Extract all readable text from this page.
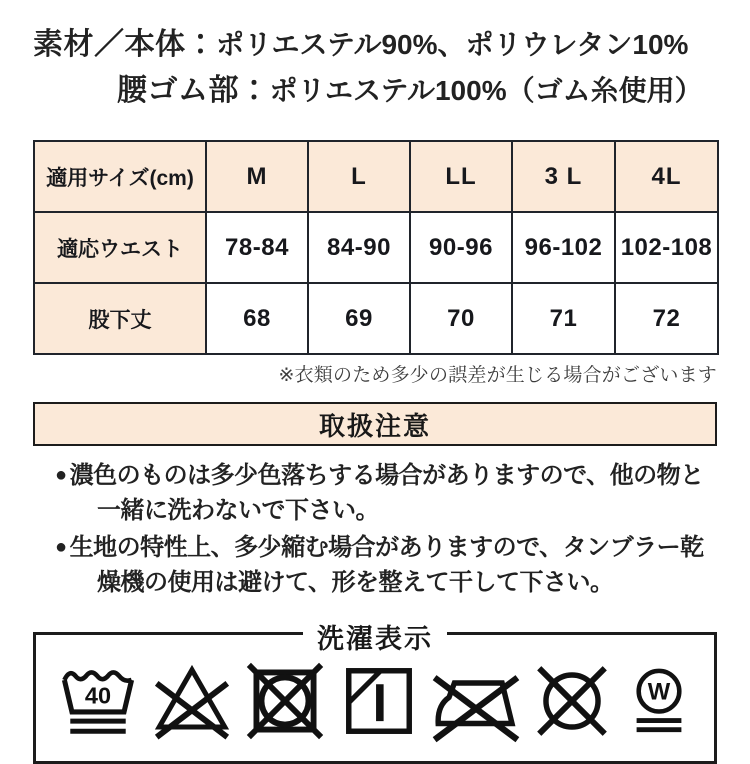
素材／本体：ポリエステル90%、ポリウレタン10%
腰ゴム部：ポリエステル100%（ゴム糸使用）
適用サイズ(cm)	M	L	LL	3 L	4L
適応ウエスト	78-84	84-90	90-96	96-102	102-108
股下丈	68	69	70	71	72
※衣類のため多少の誤差が生じる場合がございます
取扱注意
● 濃色のものは多少色落ちする場合がありますので、他の物と一緒に洗わないで下さい。
● 生地の特性上、多少縮む場合がありますので、タンブラー乾燥機の使用は避けて、形を整えて干して下さい。
洗濯表示
40	W
